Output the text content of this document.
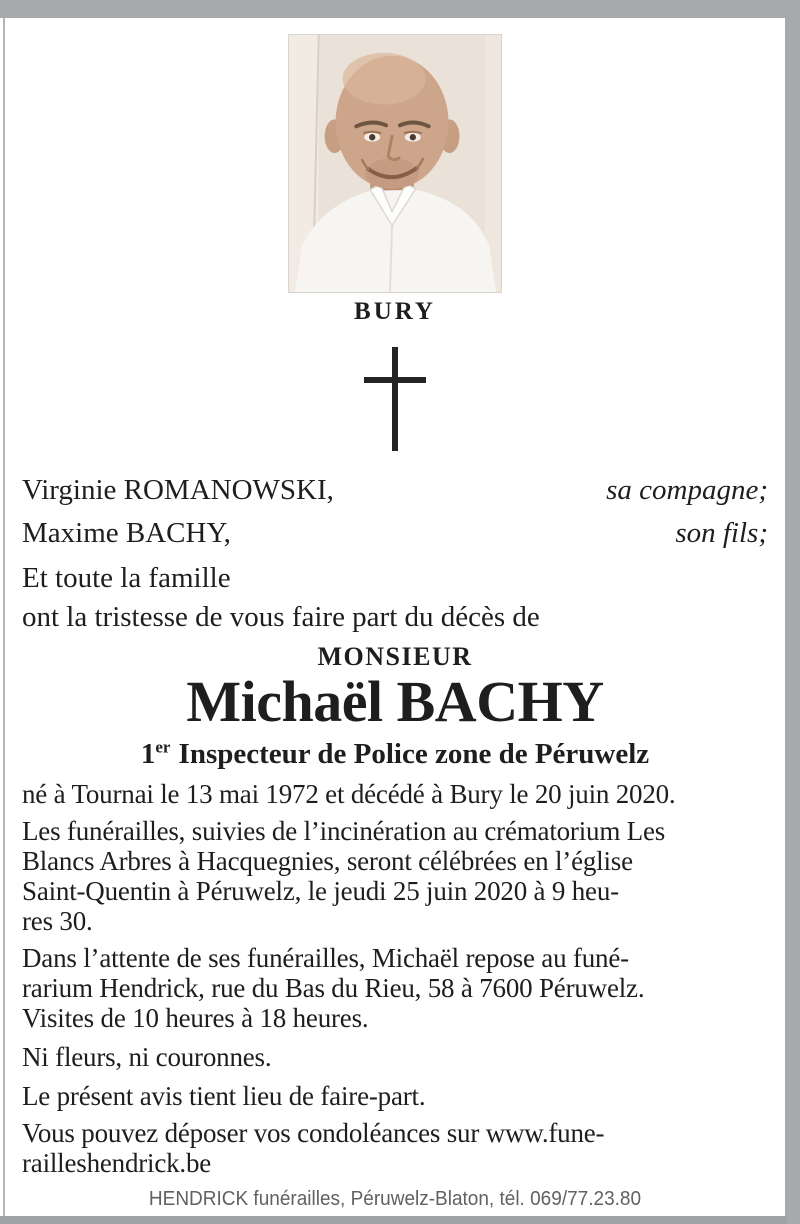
BURY
Virginie ROMANOWSKI,	sa compagne;
Maxime BACHY,	son fils;
Et toute la famille
ont la tristesse de vous faire part du décès de
MONSIEUR
Michaël BACHY
1er Inspecteur de Police zone de Péruwelz
né à Tournai le 13 mai 1972 et décédé à Bury le 20 juin 2020.
Les funérailles, suivies de l’incinération au crématorium Les
Blancs Arbres à Hacquegnies, seront célébrées en l’église
Saint-Quentin à Péruwelz, le jeudi 25 juin 2020 à 9 heu-
res 30.
Dans l’attente de ses funérailles, Michaël repose au funé-
rarium Hendrick, rue du Bas du Rieu, 58 à 7600 Péruwelz.
Visites de 10 heures à 18 heures.
Ni fleurs, ni couronnes.
Le présent avis tient lieu de faire-part.
Vous pouvez déposer vos condoléances sur www.fune-
railleshendrick.be
HENDRICK funérailles, Péruwelz-Blaton, tél. 069/77.23.80
